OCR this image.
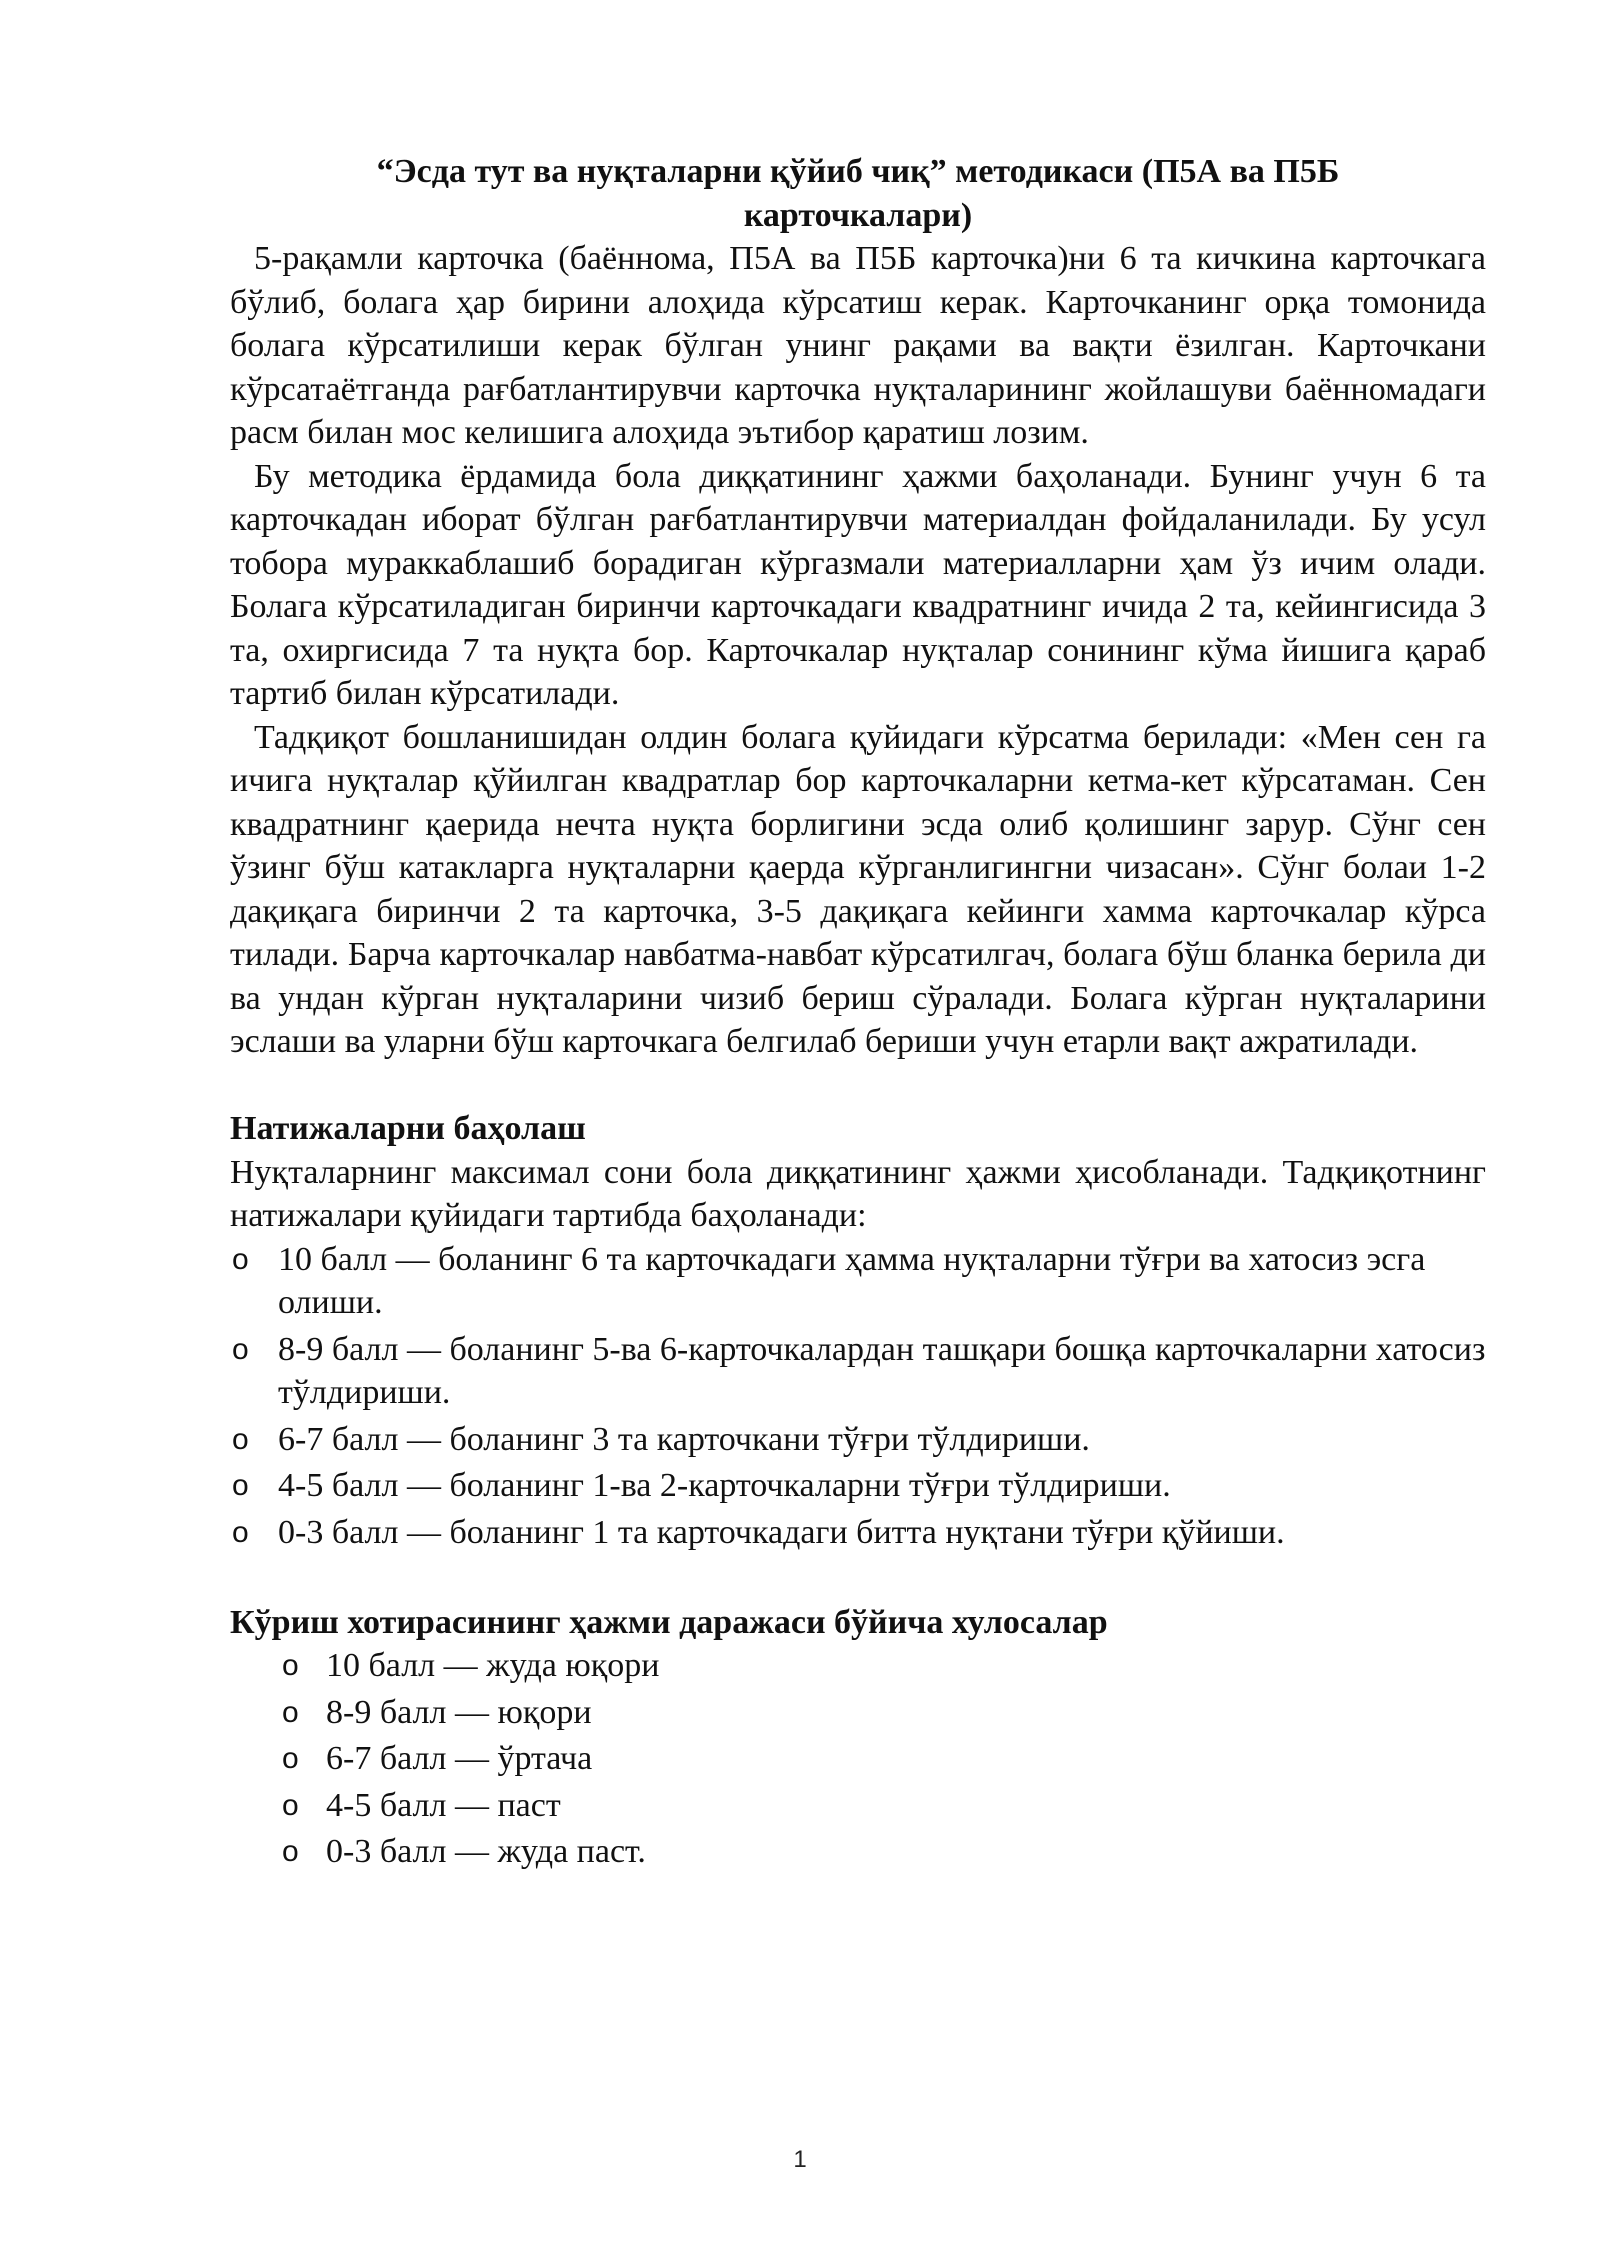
“Эсда тут ва нуқталарни қўйиб чиқ” методикаси (П5А ва П5Б карточкалари)

5-рақамли карточка (баённома, П5А ва П5Б карточка)ни 6 та кичкина карточкага бўлиб, болага ҳар бирини алоҳида кўрсатиш керак. Карточканинг орқа томонида болага кўрсатилиши керак бўлган унинг рақами ва вақти ёзилган. Карточкани кўрсатаётганда рағбатлантирувчи карточка нуқталарининг жойлашуви баённомадаги расм билан мос келишига алоҳида эътибор қаратиш лозим.

Бу методика ёрдамида бола диққатининг ҳажми баҳоланади. Бунинг учун 6 та карточкадан иборат бўлган рағбатлантирувчи материалдан фойдаланилади. Бу усул тобора мураккаблашиб борадиган кўргазмали материалларни ҳам ўз ичим олади. Болага кўрсатиладиган биринчи карточкадаги квадратнинг ичида 2 та, кейингисида 3 та, охиргисида 7 та нуқта бор. Карточкалар нуқталар сонининг кўма йишига қараб тартиб билан кўрсатилади.

Тадқиқот бошланишидан олдин болага қуйидаги кўрсатма берилади: «Мен сен га ичига нуқталар қўйилган квадратлар бор карточкаларни кетма-кет кўрсатаман. Сен квадратнинг қаерида нечта нуқта борлигини эсда олиб қолишинг зарур. Сўнг сен ўзинг бўш катакларга нуқталарни қаерда кўрганлигингни чизасан». Сўнг болаи 1-2 дақиқага биринчи 2 та карточка, 3-5 дақиқага кейинги хамма карточкалар кўрса тилади. Барча карточкалар навбатма-навбат кўрсатилгач, болага бўш бланка берила ди ва ундан кўрган нуқталарини чизиб бериш сўралади. Болага кўрган нуқталарини эслаши ва уларни бўш карточкага белгилаб бериши учун етарли вақт ажратилади.

Натижаларни баҳолаш

Нуқталарнинг максимал сони бола диққатининг ҳажми ҳисобланади. Тадқиқотнинг натижалари қуйидаги тартибда баҳоланади:

o 10 балл — боланинг 6 та карточкадаги ҳамма нуқталарни тўғри ва хатосиз эсга олиши.
o 8-9 балл — боланинг 5-ва 6-карточкалардан ташқари бошқа карточкаларни хатосиз тўлдириши.
o 6-7 балл — боланинг 3 та карточкани тўғри тўлдириши.
o 4-5 балл — боланинг 1-ва 2-карточкаларни тўғри тўлдириши.
o 0-3 балл — боланинг 1 та карточкадаги битта нуқтани тўғри қўйиши.
Кўриш хотирасининг ҳажми даражаси бўйича хулосалар
o 10 балл — жуда юқори
o 8-9 балл — юқори
o 6-7 балл — ўртача
o 4-5 балл — паст
o 0-3 балл — жуда паст.
1
